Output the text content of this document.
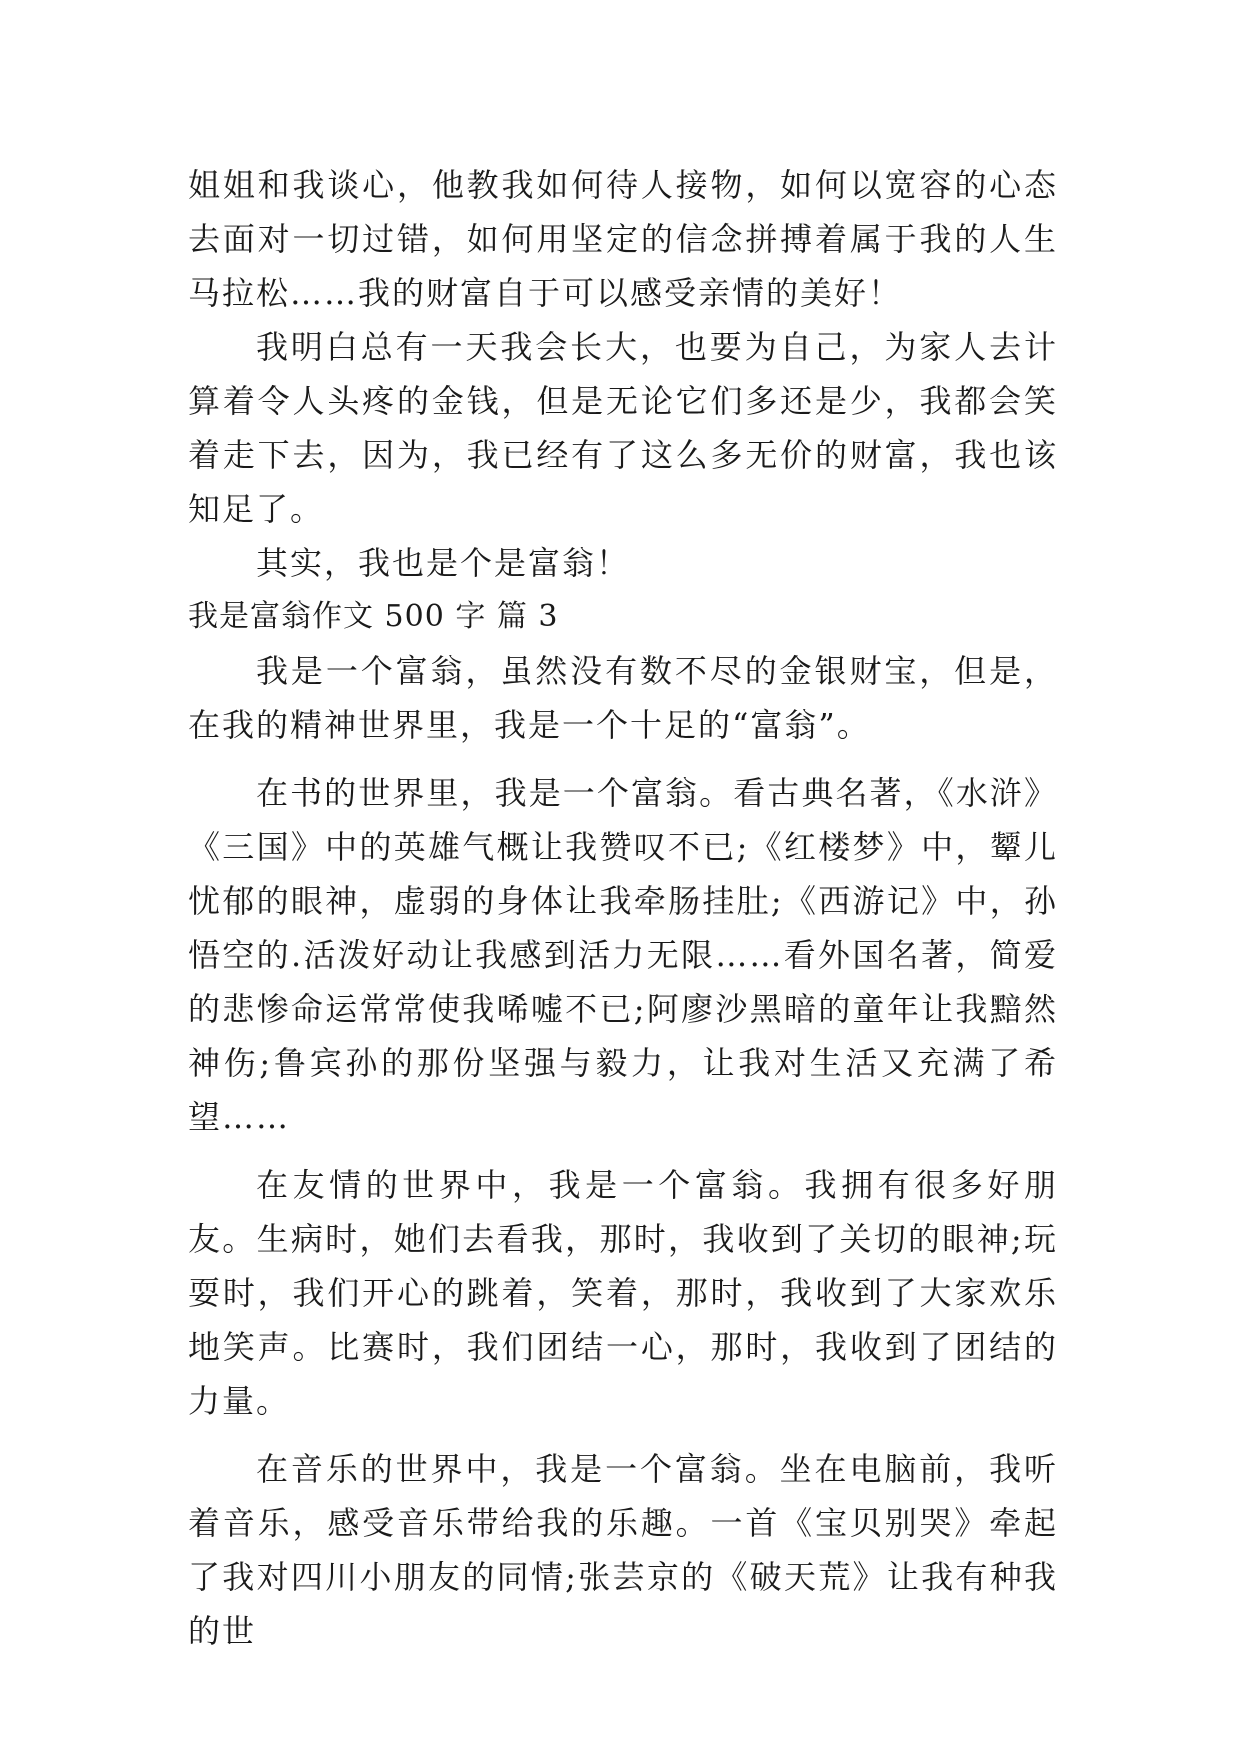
姐姐和我谈心，他教我如何待人接物，如何以宽容的心态去面对一切过错，如何用坚定的信念拼搏着属于我的人生马拉松……我的财富自于可以感受亲情的美好！

我明白总有一天我会长大，也要为自己，为家人去计算着令人头疼的金钱，但是无论它们多还是少，我都会笑着走下去，因为，我已经有了这么多无价的财富，我也该知足了。

其实，我也是个是富翁！

我是富翁作文 500 字 篇 3

我是一个富翁，虽然没有数不尽的金银财宝，但是，在我的精神世界里，我是一个十足的“富翁”。

在书的世界里，我是一个富翁。看古典名著，《水浒》《三国》中的英雄气概让我赞叹不已;《红楼梦》中，颦儿忧郁的眼神，虚弱的身体让我牵肠挂肚;《西游记》中，孙悟空的.活泼好动让我感到活力无限……看外国名著，简爱的悲惨命运常常使我唏嘘不已;阿廖沙黑暗的童年让我黯然神伤;鲁宾孙的那份坚强与毅力，让我对生活又充满了希望……

在友情的世界中，我是一个富翁。我拥有很多好朋友。生病时，她们去看我，那时，我收到了关切的眼神;玩耍时，我们开心的跳着，笑着，那时，我收到了大家欢乐地笑声。比赛时，我们团结一心，那时，我收到了团结的力量。

在音乐的世界中，我是一个富翁。坐在电脑前，我听着音乐，感受音乐带给我的乐趣。一首《宝贝别哭》牵起了我对四川小朋友的同情;张芸京的《破天荒》让我有种我的世
